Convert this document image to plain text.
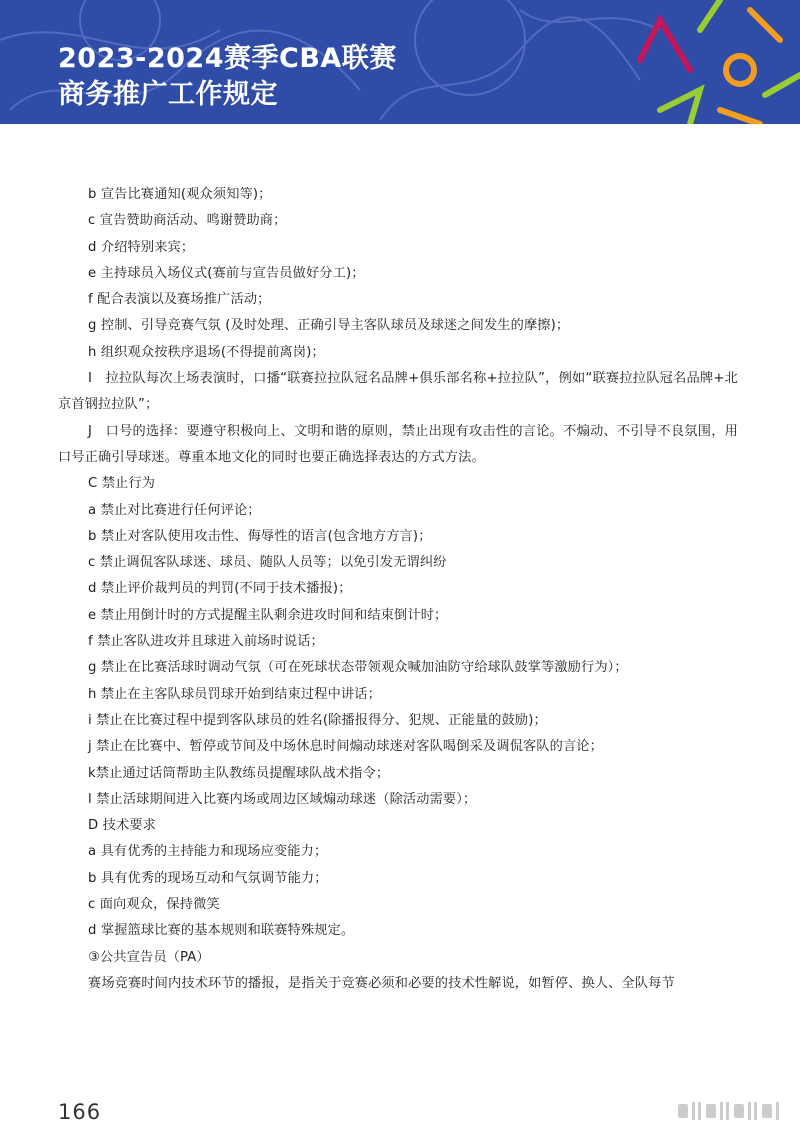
2023-2024赛季CBA联赛
商务推广工作规定

b 宣告比赛通知(观众须知等)；

c 宣告赞助商活动、鸣谢赞助商；

d 介绍特别来宾；

e 主持球员入场仪式(赛前与宣告员做好分工)；

f 配合表演以及赛场推广活动；

g 控制、引导竞赛气氛 (及时处理、正确引导主客队球员及球迷之间发生的摩擦)；

h 组织观众按秩序退场(不得提前离岗)；

I　拉拉队每次上场表演时，口播“联赛拉拉队冠名品牌+俱乐部名称+拉拉队”，例如“联赛拉拉队冠名品牌+北京首钢拉拉队”；

J　口号的选择：要遵守积极向上、文明和谐的原则，禁止出现有攻击性的言论。不煽动、不引导不良氛围，用口号正确引导球迷。尊重本地文化的同时也要正确选择表达的方式方法。

C 禁止行为

a 禁止对比赛进行任何评论；

b 禁止对客队使用攻击性、侮辱性的语言(包含地方方言)；

c 禁止调侃客队球迷、球员、随队人员等；以免引发无谓纠纷

d 禁止评价裁判员的判罚(不同于技术播报)；

e 禁止用倒计时的方式提醒主队剩余进攻时间和结束倒计时；

f 禁止客队进攻并且球进入前场时说话；

g 禁止在比赛活球时调动气氛（可在死球状态带领观众喊加油防守给球队鼓掌等激励行为）；

h 禁止在主客队球员罚球开始到结束过程中讲话；

i 禁止在比赛过程中提到客队球员的姓名(除播报得分、犯规、正能量的鼓励)；

j 禁止在比赛中、暂停或节间及中场休息时间煽动球迷对客队喝倒采及调侃客队的言论；

k禁止通过话筒帮助主队教练员提醒球队战术指令；

l 禁止活球期间进入比赛内场或周边区域煽动球迷（除活动需要）；

D 技术要求

a 具有优秀的主持能力和现场应变能力；

b 具有优秀的现场互动和气氛调节能力；

c 面向观众，保持微笑

d 掌握篮球比赛的基本规则和联赛特殊规定。

③公共宣告员（PA）

赛场竞赛时间内技术环节的播报，是指关于竞赛必须和必要的技术性解说，如暂停、换人、全队每节

166
